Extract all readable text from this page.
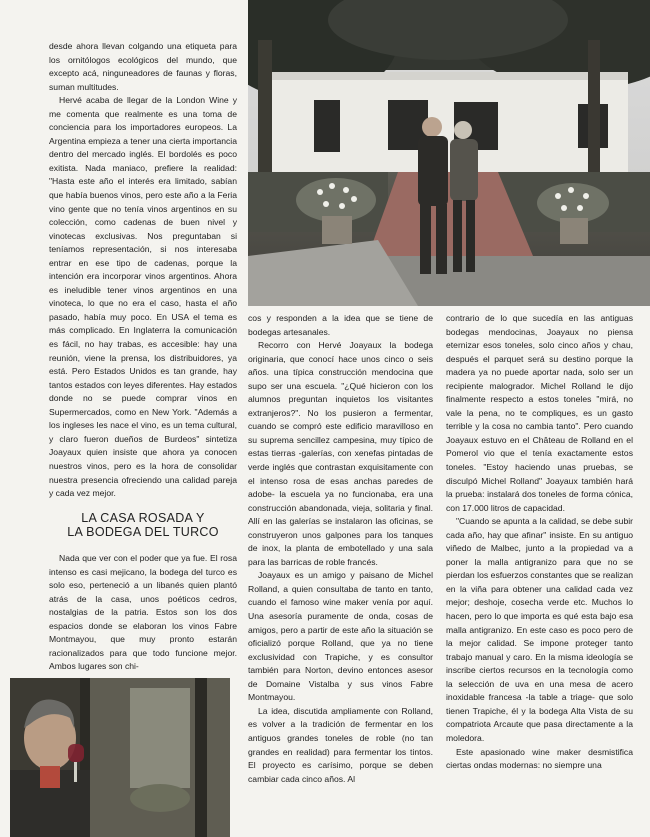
desde ahora llevan colgando una etiqueta para los ornitólogos ecológicos del mundo, que excepto acá, ninguneadores de faunas y floras, suman multitudes.

Hervé acaba de llegar de la London Wine y me comenta que realmente es una toma de conciencia para los importadores europeos. La Argentina empieza a tener una cierta importancia dentro del mercado inglés. El bordolés es poco exitista. Nada maniaco, prefiere la realidad: "Hasta este año el interés era limitado, sabían que había buenos vinos, pero este año a la Feria vino gente que no tenía vinos argentinos en su colección, como cadenas de buen nivel y vinotecas exclusivas. Nos preguntaban si teníamos representación, si nos interesaba entrar en ese tipo de cadenas, porque la intención era incorporar vinos argentinos. Ahora es ineludible tener vinos argentinos en una vinoteca, lo que no era el caso, hasta el año pasado, había muy poco. En USA el tema es más complicado. En Inglaterra la comunicación es fácil, no hay trabas, es accesible: hay una reunión, viene la prensa, los distribuidores, ya está. Pero Estados Unidos es tan grande, hay tantos estados con leyes diferentes. Hay estados donde no se puede comprar vinos en Supermercados, como en New York. "Además a los ingleses les nace el vino, es un tema cultural, y claro fueron dueños de Burdeos" sintetiza Joayaux quien insiste que ahora ya conocen nuestros vinos, pero es la hora de consolidar nuestra presencia ofreciendo una calidad pareja y cada vez mejor.

LA CASA ROSADA Y
LA BODEGA DEL TURCO

Nada que ver con el poder que ya fue. El rosa intenso es casi mejicano, la bodega del turco es solo eso, perteneció a un libanés quien plantó atrás de la casa, unos poéticos cedros, nostalgias de la patria. Estos son los dos espacios donde se elaboran los vinos Fabre Montmayou, que muy pronto estarán racionalizados para que todo funcione mejor. Ambos lugares son chi-

cos y responden a la idea que se tiene de bodegas artesanales.

Recorro con Hervé Joayaux la bodega originaria, que conocí hace unos cinco o seis años. una típica construcción mendocina que supo ser una escuela. "¿Qué hicieron con los alumnos preguntan inquietos los visitantes extranjeros?". No los pusieron a fermentar, cuando se compró este edificio maravilloso en su suprema sencillez campesina, muy típico de estas tierras -galerías, con xenefas pintadas de verde inglés que contrastan exquisitamente con el intenso rosa de esas anchas paredes de adobe- la escuela ya no funcionaba, era una construcción abandonada, vieja, solitaria y final. Allí en las galerías se instalaron las oficinas, se construyeron unos galpones para los tanques de inox, la planta de embotellado y una sala para las barricas de roble francés.

Joayaux es un amigo y paisano de Michel Rolland, a quien consultaba de tanto en tanto, cuando el famoso wine maker venía por aquí. Una asesoría puramente de onda, cosas de amigos, pero a partir de este año la situación se oficializó porque Rolland, que ya no tiene exclusividad con Trapiche, y es consultor también para Norton, devino entonces asesor de Domaine Vistalba y sus vinos Fabre Montmayou.

La idea, discutida ampliamente con Rolland, es volver a la tradición de fermentar en los antiguos grandes toneles de roble (no tan grandes en realidad) para fermentar los tintos. El proyecto es carísimo, porque se deben cambiar cada cinco años. Al

contrario de lo que sucedía en las antiguas bodegas mendocinas, Joayaux no piensa eternizar esos toneles, solo cinco años y chau, después el parquet será su destino porque la madera ya no puede aportar nada, solo ser un recipiente malogrador. Michel Rolland le dijo finalmente respecto a estos toneles "mirá, no vale la pena, no te compliques, es un gasto terrible y la cosa no cambia tanto". Pero cuando Joayaux estuvo en el Château de Rolland en el Pomerol vio que el tenía exactamente estos toneles. "Estoy haciendo unas pruebas, se disculpó Michel Rolland" Joayaux también hará la prueba: instalará dos toneles de forma cónica, con 17.000 litros de capacidad.

"Cuando se apunta a la calidad, se debe subir cada año, hay que afinar" insiste. En su antiguo viñedo de Malbec, junto a la propiedad va a poner la malla antigranizo para que no se pierdan los esfuerzos constantes que se realizan en la viña para obtener una calidad cada vez mejor; deshoje, cosecha verde etc. Muchos lo hacen, pero lo que importa es qué esta bajo esa malla antigranizo. En este caso es poco pero de la mejor calidad. Se impone proteger tanto trabajo manual y caro. En la misma ideología se inscribe ciertos recursos en la tecnología como la selección de uva en una mesa de acero inoxidable francesa -la table a triage- que solo tienen Trapiche, él y la bodega Alta Vista de su compatriota Arcaute que pasa directamente a la moledora.

Este apasionado wine maker desmistifica ciertas ondas modernas: no siempre una
